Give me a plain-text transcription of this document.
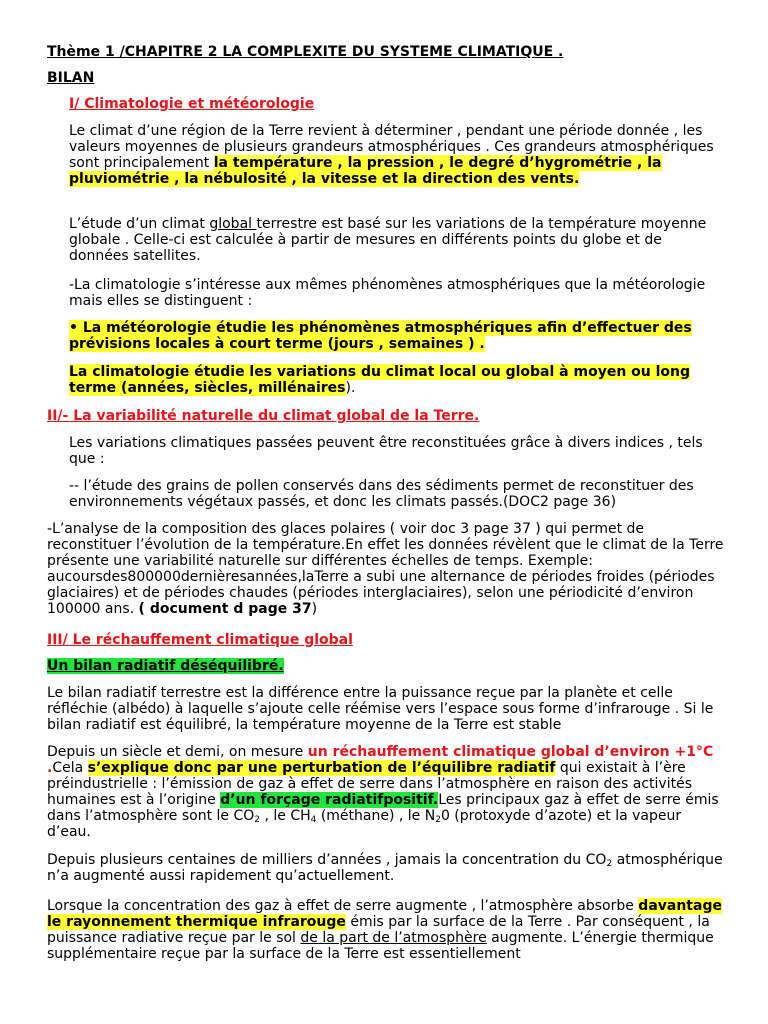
Thème 1 /CHAPITRE 2 LA COMPLEXITE DU SYSTEME CLIMATIQUE .
BILAN
I/ Climatologie et météorologie

Le climat d’une région de la Terre revient à déterminer , pendant une période donnée , les valeurs moyennes de plusieurs grandeurs atmosphériques . Ces grandeurs atmosphériques sont principalement la température , la pression , le degré d’hygrométrie , la pluviométrie , la nébulosité , la vitesse et la direction des vents.

L’étude d’un climat global terrestre est basé sur les variations de la température moyenne globale . Celle-ci est calculée à partir de mesures en différents points du globe et de données satellites.

-La climatologie s’intéresse aux mêmes phénomènes atmosphériques que la météorologie mais elles se distinguent :

• La météorologie étudie les phénomènes atmosphériques afin d’effectuer des prévisions locales à court terme (jours , semaines ) .

La climatologie étudie les variations du climat local ou global à moyen ou long terme (années, siècles, millénaires).

II/- La variabilité naturelle du climat global de la Terre.

Les variations climatiques passées peuvent être reconstituées grâce à divers indices , tels que :

-- l’étude des grains de pollen conservés dans des sédiments permet de reconstituer des environnements végétaux passés, et donc les climats passés.(DOC2 page 36)

-L’analyse de la composition des glaces polaires ( voir doc 3 page 37 ) qui permet de reconstituer l’évolution de la température.En effet les données révèlent que le climat de la Terre présente une variabilité naturelle sur différentes échelles de temps. Exemple: aucoursdes800000dernièresannées,laTerre a subi une alternance de périodes froides (périodes glaciaires) et de périodes chaudes (périodes interglaciaires), selon une périodicité d’environ 100000 ans. ( document d page 37)

III/ Le réchauffement climatique global
Un bilan radiatif déséquilibré.

Le bilan radiatif terrestre est la différence entre la puissance reçue par la planète et celle réfléchie (albédo) à laquelle s’ajoute celle réémise vers l’espace sous forme d’infrarouge . Si le bilan radiatif est équilibré, la température moyenne de la Terre est stable

Depuis un siècle et demi, on mesure un réchauffement climatique global d’environ +1°C .Cela s’explique donc par une perturbation de l’équilibre radiatif qui existait à l’ère préindustrielle : l’émission de gaz à effet de serre dans l’atmosphère en raison des activités humaines est à l’origine d’un forçage radiatifpositif.Les principaux gaz à effet de serre émis dans l’atmosphère sont le $CO_2$ , le $CH_4$ (méthane) , le $N_20$ (protoxyde d’azote) et la vapeur d’eau.

Depuis plusieurs centaines de milliers d’années , jamais la concentration du $CO_2$ atmosphérique n’a augmenté aussi rapidement qu’actuellement.

Lorsque la concentration des gaz à effet de serre augmente , l’atmosphère absorbe davantage le rayonnement thermique infrarouge émis par la surface de la Terre . Par conséquent , la puissance radiative reçue par le sol de la part de l’atmosphère augmente. L’énergie thermique supplémentaire reçue par la surface de la Terre est essentiellement
